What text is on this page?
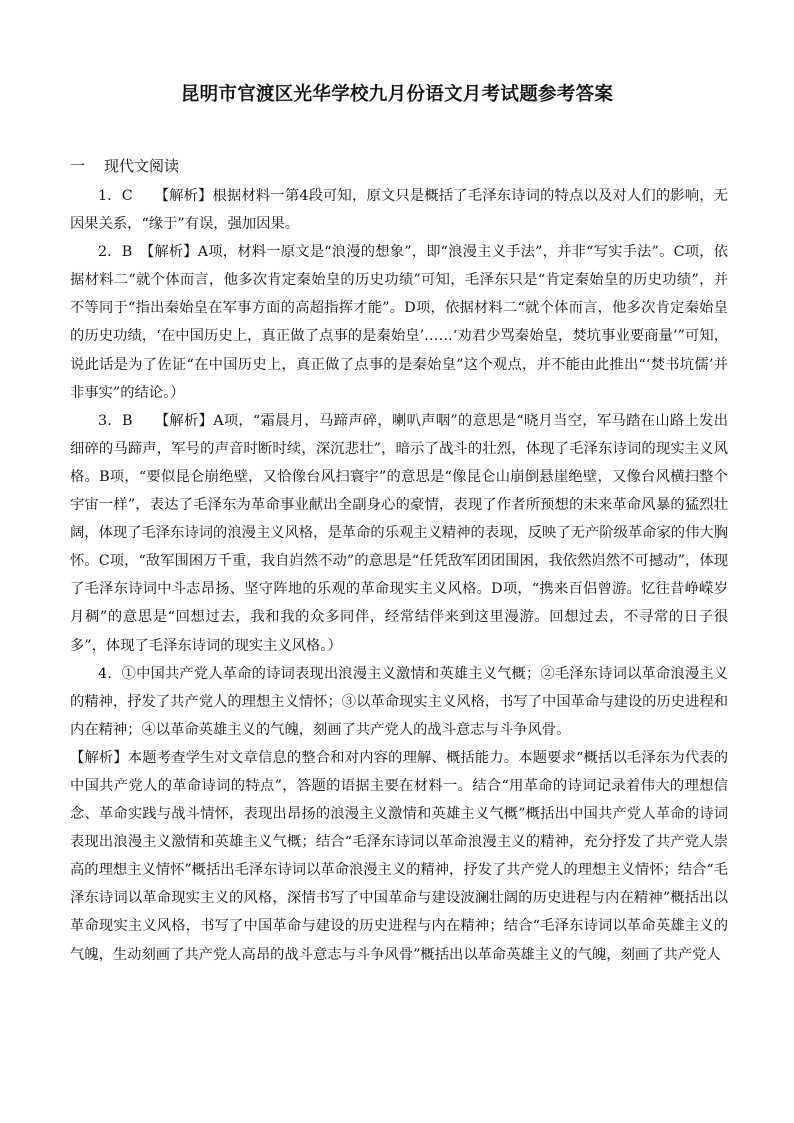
昆明市官渡区光华学校九月份语文月考试题参考答案
一 现代文阅读

1．C　　【解析】根据材料一第4段可知，原文只是概括了毛泽东诗词的特点以及对人们的影响，无因果关系，“缘于”有误，强加因果。

2．B　【解析】A项，材料一原文是“浪漫的想象”，即“浪漫主义手法”，并非“写实手法”。C项，依据材料二“就个体而言，他多次肯定秦始皇的历史功绩”可知，毛泽东只是“肯定秦始皇的历史功绩”，并不等同于“指出秦始皇在军事方面的高超指挥才能”。D项，依据材料二“就个体而言，他多次肯定秦始皇的历史功绩，‘在中国历史上，真正做了点事的是秦始皇’……‘劝君少骂秦始皇，焚坑事业要商量’”可知，说此话是为了佐证“在中国历史上，真正做了点事的是秦始皇”这个观点，并不能由此推出“‘焚书坑儒’并非事实”的结论。）

3．B　　【解析】A项，“霜晨月，马蹄声碎，喇叭声咽”的意思是“晓月当空，军马踏在山路上发出细碎的马蹄声，军号的声音时断时续，深沉悲壮”，暗示了战斗的壮烈，体现了毛泽东诗词的现实主义风格。B项，“要似昆仑崩绝壁，又恰像台风扫寰宇”的意思是“像昆仑山崩倒悬崖绝壁，又像台风横扫整个宇宙一样”，表达了毛泽东为革命事业献出全副身心的豪情，表现了作者所预想的未来革命风暴的猛烈壮阔，体现了毛泽东诗词的浪漫主义风格，是革命的乐观主义精神的表现，反映了无产阶级革命家的伟大胸怀。C项，“敌军围困万千重，我自岿然不动”的意思是“任凭敌军团团围困，我依然岿然不可撼动”，体现了毛泽东诗词中斗志昂扬、坚守阵地的乐观的革命现实主义风格。D项，“携来百侣曾游。忆往昔峥嵘岁月稠”的意思是“回想过去，我和我的众多同伴，经常结伴来到这里漫游。回想过去，不寻常的日子很多”，体现了毛泽东诗词的现实主义风格。）

4．①中国共产党人革命的诗词表现出浪漫主义激情和英雄主义气概；②毛泽东诗词以革命浪漫主义的精神，抒发了共产党人的理想主义情怀；③以革命现实主义风格，书写了中国革命与建设的历史进程和内在精神；④以革命英雄主义的气魄，刻画了共产党人的战斗意志与斗争风骨。

【解析】本题考查学生对文章信息的整合和对内容的理解、概括能力。本题要求“概括以毛泽东为代表的中国共产党人的革命诗词的特点”，答题的语据主要在材料一。结合“用革命的诗词记录着伟大的理想信念、革命实践与战斗情怀，表现出昂扬的浪漫主义激情和英雄主义气概”概括出中国共产党人革命的诗词表现出浪漫主义激情和英雄主义气概；结合“毛泽东诗词以革命浪漫主义的精神，充分抒发了共产党人崇高的理想主义情怀”概括出毛泽东诗词以革命浪漫主义的精神，抒发了共产党人的理想主义情怀；结合“毛泽东诗词以革命现实主义的风格，深情书写了中国革命与建设波澜壮阔的历史进程与内在精神”概括出以革命现实主义风格，书写了中国革命与建设的历史进程与内在精神；结合“毛泽东诗词以革命英雄主义的气魄，生动刻画了共产党人高昂的战斗意志与斗争风骨”概括出以革命英雄主义的气魄，刻画了共产党人
